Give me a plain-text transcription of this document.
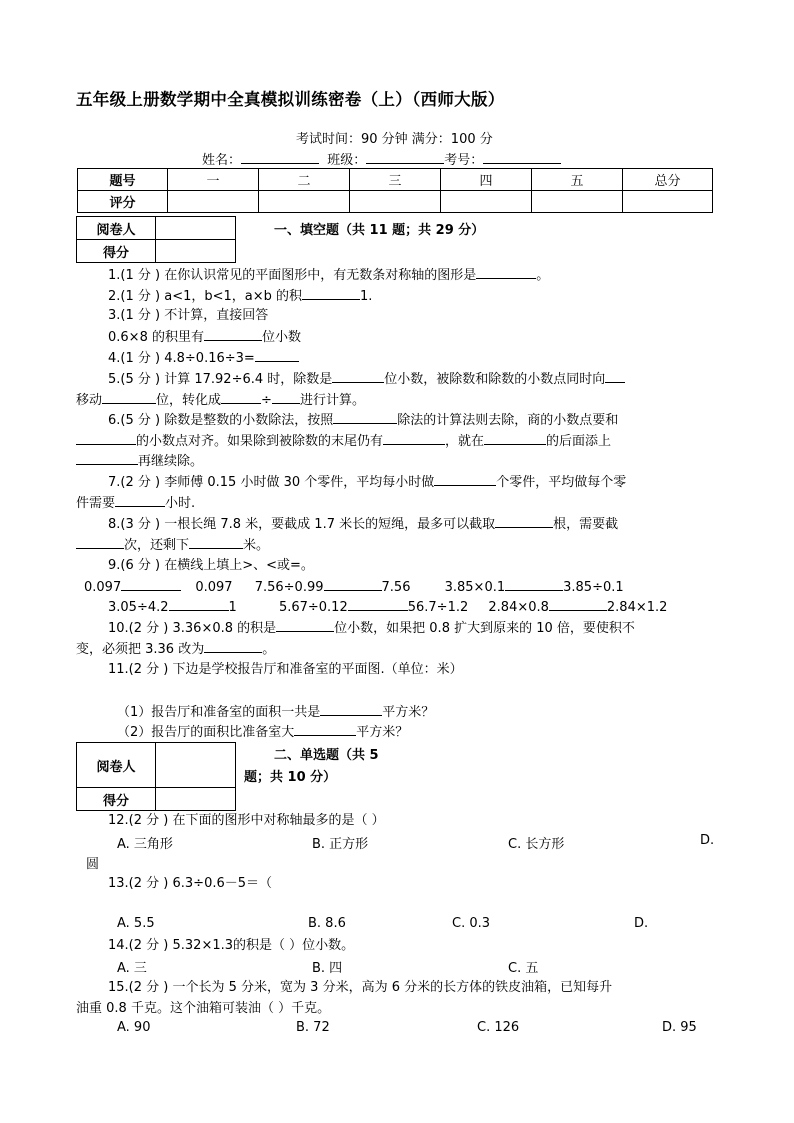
五年级上册数学期中全真模拟训练密卷（上）（西师大版）
考试时间：90 分钟 满分：100 分
姓名：	班级：	考号：
题号	一	二	三	四	五	总分
评分						
阅卷人	
得分	
一、填空题（共 11 题；共 29 分）
1.(1 分 ) 在你认识常见的平面图形中，有无数条对称轴的图形是	。
2.(1 分 ) a<1，b<1，a×b 的积	1.
3.(1 分 ) 不计算，直接回答
0.6×8 的积里有	位小数
4.(1 分 ) 4.8÷0.16÷3=
5.(5 分 ) 计算 17.92÷6.4 时，除数是	位小数，被除数和除数的小数点同时向
移动	位，转化成	÷ 进行计算。
6.(5 分 ) 除数是整数的小数除法，按照	除法的计算法则去除，商的小数点要和
的小数点对齐。如果除到被除数的末尾仍有	，就在	的后面添上
再继续除。
7.(2 分 ) 李师傅 0.15 小时做 30 个零件，平均每小时做	个零件，平均做每个零
件需要	小时.
8.(3 分 ) 一根长绳 7.8 米，要截成 1.7 米长的短绳，最多可以截取	根，需要截
次，还剩下	米。
9.(6 分 ) 在横线上填上>、<或=。
0.097	0.097 7.56÷0.99	7.56	3.85×0.1	3.85÷0.1
3.05÷4.2	1	5.67÷0.12	56.7÷1.2 2.84×0.8	2.84×1.2
10.(2 分 ) 3.36×0.8 的积是	位小数，如果把 0.8 扩大到原来的 10 倍，要使积不
变，必须把 3.36 改为	。
11.(2 分 ) 下边是学校报告厅和准备室的平面图.（单位：米）
（1）报告厅和准备室的面积一共是	平方米？
（2）报告厅的面积比准备室大	平方米？
阅卷人	
得分	
二、单选题（共 5
题；共 10 分）
12.(2 分 ) 在下面的图形中对称轴最多的是（ ）
A. 三角形	B. 正方形	C. 长方形	D.
圆
13.(2 分 ) 6.3÷0.6－5＝（
A. 5.5	B. 8.6	C. 0.3	D.
14.(2 分 ) 5.32×1.3的积是（ ）位小数。
A. 三	B. 四	C. 五
15.(2 分 ) 一个长为 5 分米，宽为 3 分米，高为 6 分米的长方体的铁皮油箱，已知每升
油重 0.8 千克。这个油箱可装油（ ）千克。
A. 90	B. 72	C. 126	D. 95
